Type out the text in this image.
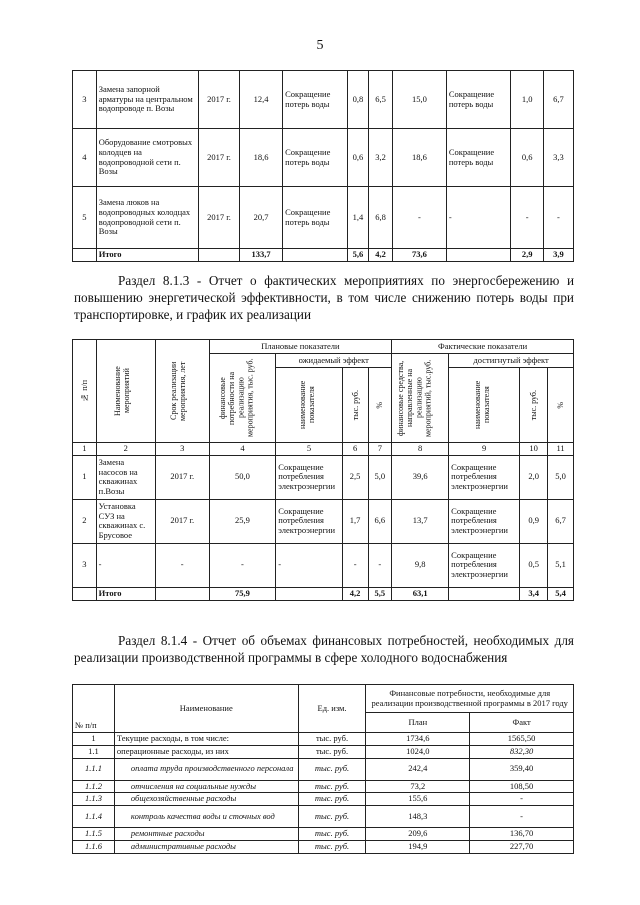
5
3	Замена запорной арматуры на центральном водопроводе п. Возы	2017 г.	12,4	Сокращение потерь воды	0,8	6,5	15,0	Сокращение потерь воды	1,0	6,7
4	Оборудование смотровых колодцев на водопроводной сети п. Возы	2017 г.	18,6	Сокращение потерь воды	0,6	3,2	18,6	Сокращение потерь воды	0,6	3,3
5	Замена люков на водопроводных колодцах водопроводной сети п. Возы	2017 г.	20,7	Сокращение потерь воды	1,4	6,8	-	-	-	-
	Итого		133,7		5,6	4,2	73,6		2,9	3,9
Раздел 8.1.3 - Отчет о фактических мероприятиях по энергосбережению и повышению энергетической эффективности, в том числе снижению потерь воды при транспортировке, и график их реализации
№ п/п	Наименование мероприятий	Срок реализации мероприятия, лет	Плановые показатели				Фактические показатели			

			финансовые потребности на реализацию мероприятия, тыс. руб.	ожидаемый эффект			финансовые средства, направленные на реализацию мероприятий, тыс.руб.	достигнутый эффект		

				наименование показателя	тыс. руб.	%		наименование показателя	тыс. руб.	%

1	2	3	4	5	6	7	8	9	10	11
1	Замена насосов на скважинах п.Возы	2017 г.	50,0	Сокращение потребления электроэнергии	2,5	5,0	39,6	Сокращение потребления электроэнергии	2,0	5,0
2	Установка СУЗ на скважинах с. Брусовое	2017 г.	25,9	Сокращение потребления электроэнергии	1,7	6,6	13,7	Сокращение потребления электроэнергии	0,9	6,7
3	-	-	-	-	-	-	9,8	Сокращение потребления электроэнергии	0,5	5,1
	Итого		75,9		4,2	5,5	63,1		3,4	5,4
Раздел 8.1.4 - Отчет об объемах финансовых потребностей, необходимых для реализации производственной программы в сфере холодного водоснабжения
№ п/п	Наименование	Ед. изм.	Финансовые потребности, необходимые для реализации производственной программы в 2017 году	
			План	Факт
1	Текущие расходы, в том числе:	тыс. руб.	1734,6	1565,50
1.1	операционные расходы, из них	тыс. руб.	1024,0	832,30
1.1.1	оплата труда производственного персонала	тыс. руб.	242,4	359,40
1.1.2	отчисления на социальные нужды	тыс. руб.	73,2	108,50
1.1.3	общехозяйственные расходы	тыс. руб.	155,6	-
1.1.4	контроль качества воды и сточных вод	тыс. руб.	148,3	-
1.1.5	ремонтные расходы	тыс. руб.	209,6	136,70
1.1.6	административные расходы	тыс. руб.	194,9	227,70
